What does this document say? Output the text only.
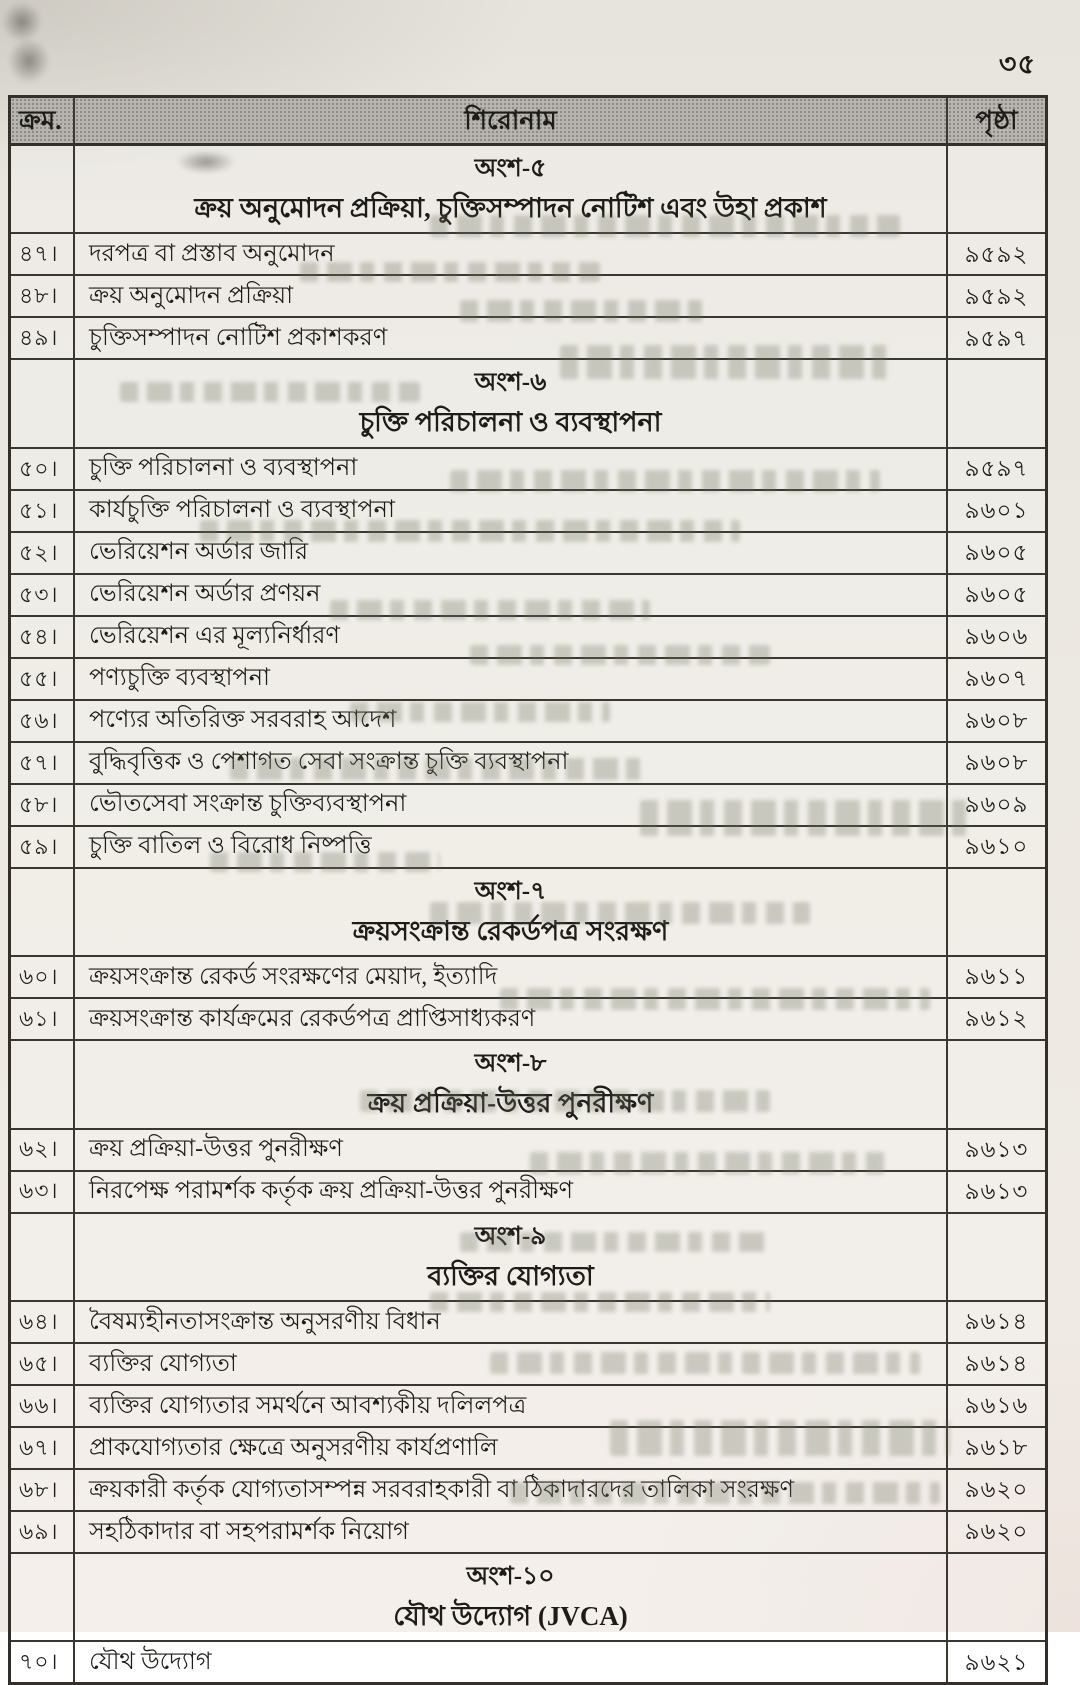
৩৫
ক্রম.	শিরোনাম	পৃষ্ঠা
অংশ-৫
ক্রয় অনুমোদন প্রক্রিয়া, চুক্তিসম্পাদন নোটিশ এবং উহা প্রকাশ
৪৭।	দরপত্র বা প্রস্তাব অনুমোদন	৯৫৯২
৪৮।	ক্রয় অনুমোদন প্রক্রিয়া	৯৫৯২
৪৯।	চুক্তিসম্পাদন নোটিশ প্রকাশকরণ	৯৫৯৭
অংশ-৬
চুক্তি পরিচালনা ও ব্যবস্থাপনা
৫০।	চুক্তি পরিচালনা ও ব্যবস্থাপনা	৯৫৯৭
৫১।	কার্যচুক্তি পরিচালনা ও ব্যবস্থাপনা	৯৬০১
৫২।	ভেরিয়েশন অর্ডার জারি	৯৬০৫
৫৩।	ভেরিয়েশন অর্ডার প্রণয়ন	৯৬০৫
৫৪।	ভেরিয়েশন এর মূল্যনির্ধারণ	৯৬০৬
৫৫।	পণ্যচুক্তি ব্যবস্থাপনা	৯৬০৭
৫৬।	পণ্যের অতিরিক্ত সরবরাহ আদেশ	৯৬০৮
৫৭।	বুদ্ধিবৃত্তিক ও পেশাগত সেবা সংক্রান্ত চুক্তি ব্যবস্থাপনা	৯৬০৮
৫৮।	ভৌতসেবা সংক্রান্ত চুক্তিব্যবস্থাপনা	৯৬০৯
৫৯।	চুক্তি বাতিল ও বিরোধ নিষ্পত্তি	৯৬১০
অংশ-৭
ক্রয়সংক্রান্ত রেকর্ডপত্র সংরক্ষণ
৬০।	ক্রয়সংক্রান্ত রেকর্ড সংরক্ষণের মেয়াদ, ইত্যাদি	৯৬১১
৬১।	ক্রয়সংক্রান্ত কার্যক্রমের রেকর্ডপত্র প্রাপ্তিসাধ্যকরণ	৯৬১২
অংশ-৮
ক্রয় প্রক্রিয়া-উত্তর পুনরীক্ষণ
৬২।	ক্রয় প্রক্রিয়া-উত্তর পুনরীক্ষণ	৯৬১৩
৬৩।	নিরপেক্ষ পরামর্শক কর্তৃক ক্রয় প্রক্রিয়া-উত্তর পুনরীক্ষণ	৯৬১৩
অংশ-৯
ব্যক্তির যোগ্যতা
৬৪।	বৈষম্যহীনতাসংক্রান্ত অনুসরণীয় বিধান	৯৬১৪
৬৫।	ব্যক্তির যোগ্যতা	৯৬১৪
৬৬।	ব্যক্তির যোগ্যতার সমর্থনে আবশ্যকীয় দলিলপত্র	৯৬১৬
৬৭।	প্রাকযোগ্যতার ক্ষেত্রে অনুসরণীয় কার্যপ্রণালি	৯৬১৮
৬৮।	ক্রয়কারী কর্তৃক যোগ্যতাসম্পন্ন সরবরাহকারী বা ঠিকাদারদের তালিকা সংরক্ষণ	৯৬২০
৬৯।	সহঠিকাদার বা সহপরামর্শক নিয়োগ	৯৬২০
অংশ-১০
যৌথ উদ্যোগ (JVCA)
৭০।	যৌথ উদ্যোগ	৯৬২১
